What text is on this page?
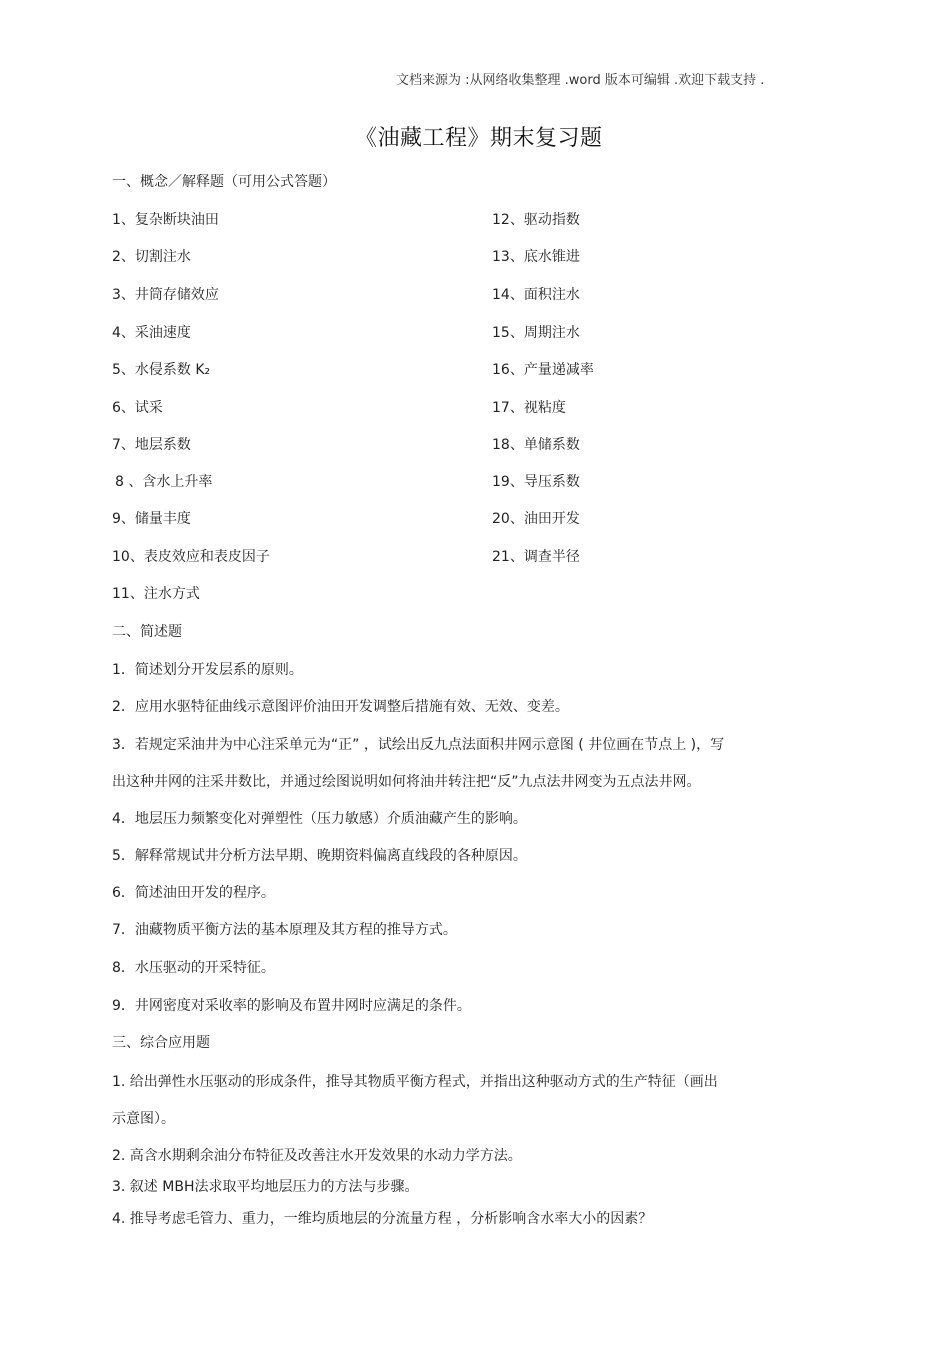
文档来源为 :从网络收集整理 .word 版本可编辑 .欢迎下载支持 .
《油藏工程》期末复习题
一、概念／解释题（可用公式答题）
1、复杂断块油田
2、切割注水
3、井筒存储效应
4、采油速度
5、水侵系数 K₂
6、试采
7、地层系数
8 、含水上升率
9、储量丰度
10、表皮效应和表皮因子
11、注水方式
12、驱动指数
13、底水锥进
14、面积注水
15、周期注水
16、产量递减率
17、视粘度
18、单储系数
19、导压系数
20、油田开发
21、调查半径
二、简述题
1．简述划分开发层系的原则。
2．应用水驱特征曲线示意图评价油田开发调整后措施有效、无效、变差。
3．若规定采油井为中心注采单元为“正” ，试绘出反九点法面积井网示意图 ( 井位画在节点上 )，写
出这种井网的注采井数比，并通过绘图说明如何将油井转注把“反”九点法井网变为五点法井网。
4．地层压力频繁变化对弹塑性（压力敏感）介质油藏产生的影响。
5．解释常规试井分析方法早期、晚期资料偏离直线段的各种原因。
6．简述油田开发的程序。
7．油藏物质平衡方法的基本原理及其方程的推导方式。
8．水压驱动的开采特征。
9．井网密度对采收率的影响及布置井网时应满足的条件。
三、综合应用题
1. 给出弹性水压驱动的形成条件，推导其物质平衡方程式，并指出这种驱动方式的生产特征（画出
示意图）。
2. 高含水期剩余油分布特征及改善注水开发效果的水动力学方法。
3. 叙述 MBH法求取平均地层压力的方法与步骤。
4. 推导考虑毛管力、重力，一维均质地层的分流量方程 ，分析影响含水率大小的因素？
